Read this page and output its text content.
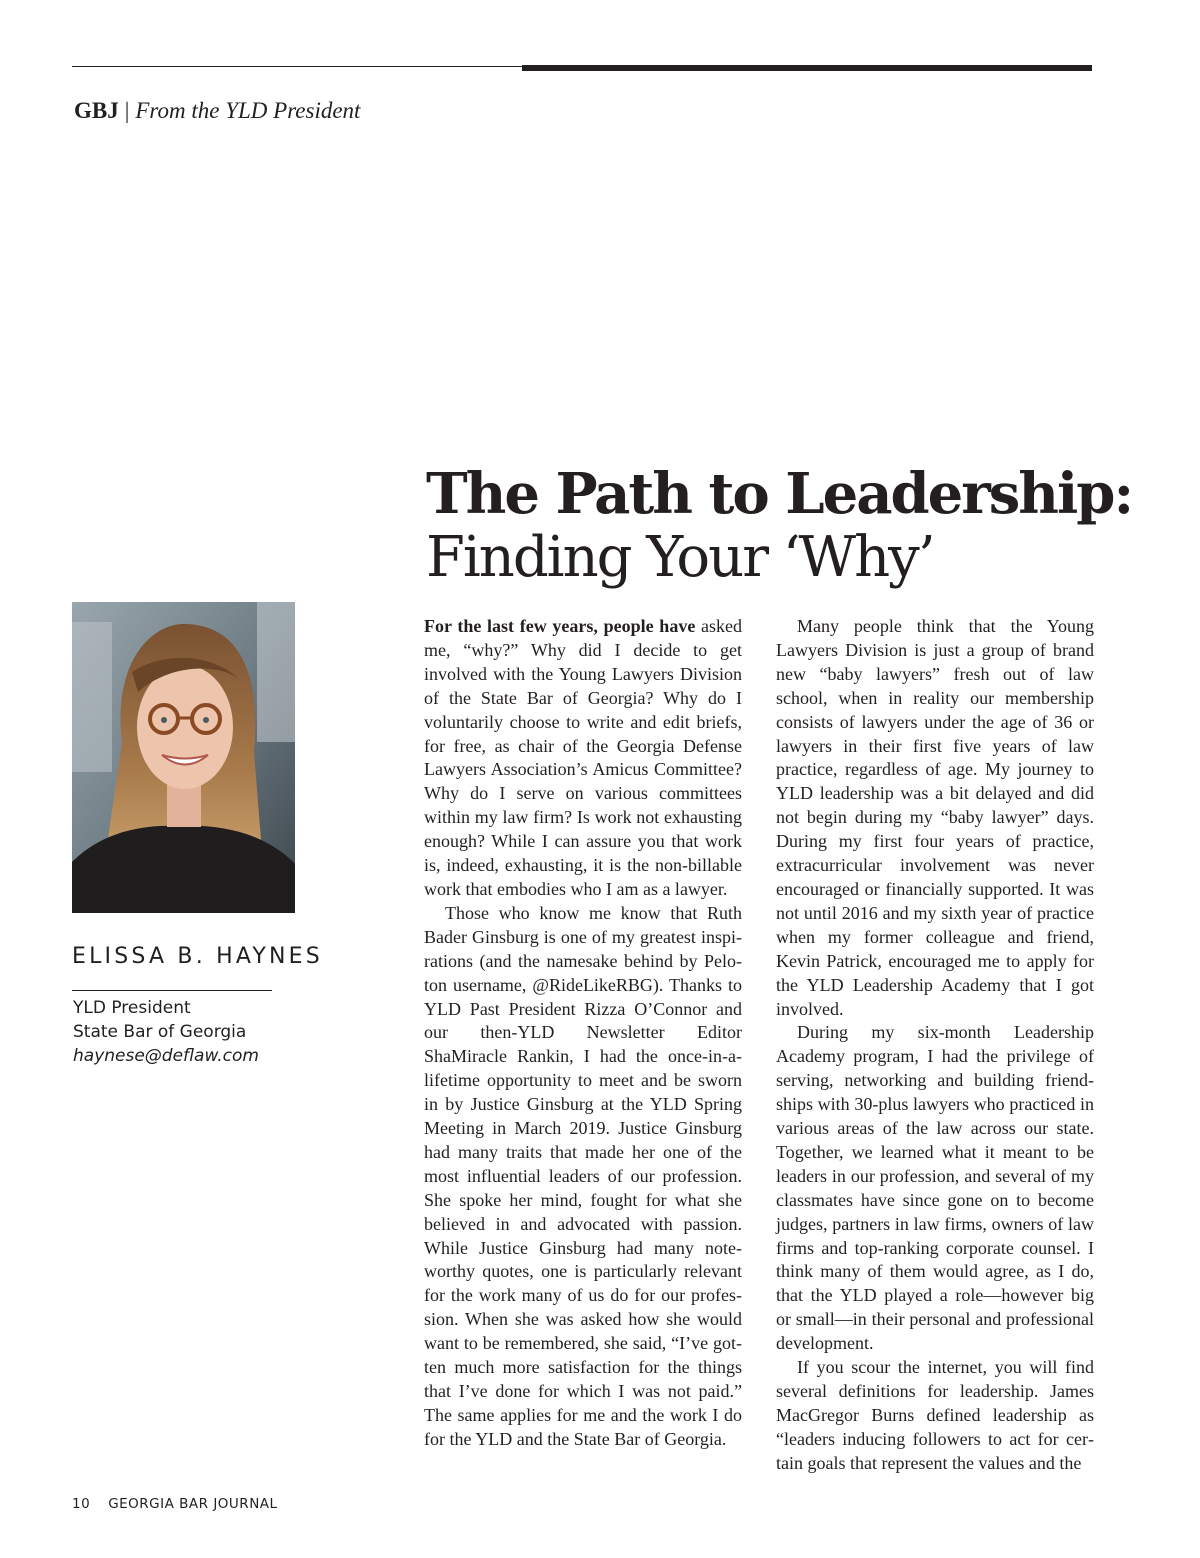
GBJ | From the YLD President
The Path to Leadership:
Finding Your ‘Why’
ELISSA B. HAYNES
YLD President
State Bar of Georgia
haynese@deflaw.com

For the last few years, people have asked me, “why?” Why did I decide to get involved with the Young Lawyers Division of the State Bar of Georgia? Why do I voluntarily choose to write and edit briefs, for free, as chair of the Georgia Defense Lawyers Association’s Amicus Committee? Why do I serve on various committees within my law firm? Is work not exhausting enough? While I can assure you that work is, indeed, exhausting, it is the non-billable work that embodies who I am as a lawyer.

Those who know me know that Ruth Bader Ginsburg is one of my greatest inspirations (and the namesake behind by Peloton username, @RideLikeRBG). Thanks to YLD Past President Rizza O’Connor and our then-YLD Newsletter Editor ShaMiracle Rankin, I had the once-in-a-lifetime opportunity to meet and be sworn in by Justice Ginsburg at the YLD Spring Meeting in March 2019. Justice Ginsburg had many traits that made her one of the most influential leaders of our profession. She spoke her mind, fought for what she believed in and advocated with passion. While Justice Ginsburg had many noteworthy quotes, one is particularly relevant for the work many of us do for our profession. When she was asked how she would want to be remembered, she said, “I’ve gotten much more satisfaction for the things that I’ve done for which I was not paid.” The same applies for me and the work I do for the YLD and the State Bar of Georgia.

Many people think that the Young Lawyers Division is just a group of brand new “baby lawyers” fresh out of law school, when in reality our membership consists of lawyers under the age of 36 or lawyers in their first five years of law practice, regardless of age. My journey to YLD leadership was a bit delayed and did not begin during my “baby lawyer” days. During my first four years of practice, extracurricular involvement was never encouraged or financially supported. It was not until 2016 and my sixth year of practice when my former colleague and friend, Kevin Patrick, encouraged me to apply for the YLD Leadership Academy that I got involved.

During my six-month Leadership Academy program, I had the privilege of serving, networking and building friendships with 30-plus lawyers who practiced in various areas of the law across our state. Together, we learned what it meant to be leaders in our profession, and several of my classmates have since gone on to become judges, partners in law firms, owners of law firms and top-ranking corporate counsel. I think many of them would agree, as I do, that the YLD played a role—however big or small—in their personal and professional development.

If you scour the internet, you will find several definitions for leadership. James MacGregor Burns defined leadership as “leaders inducing followers to act for certain goals that represent the values and the

10 GEORGIA BAR JOURNAL
